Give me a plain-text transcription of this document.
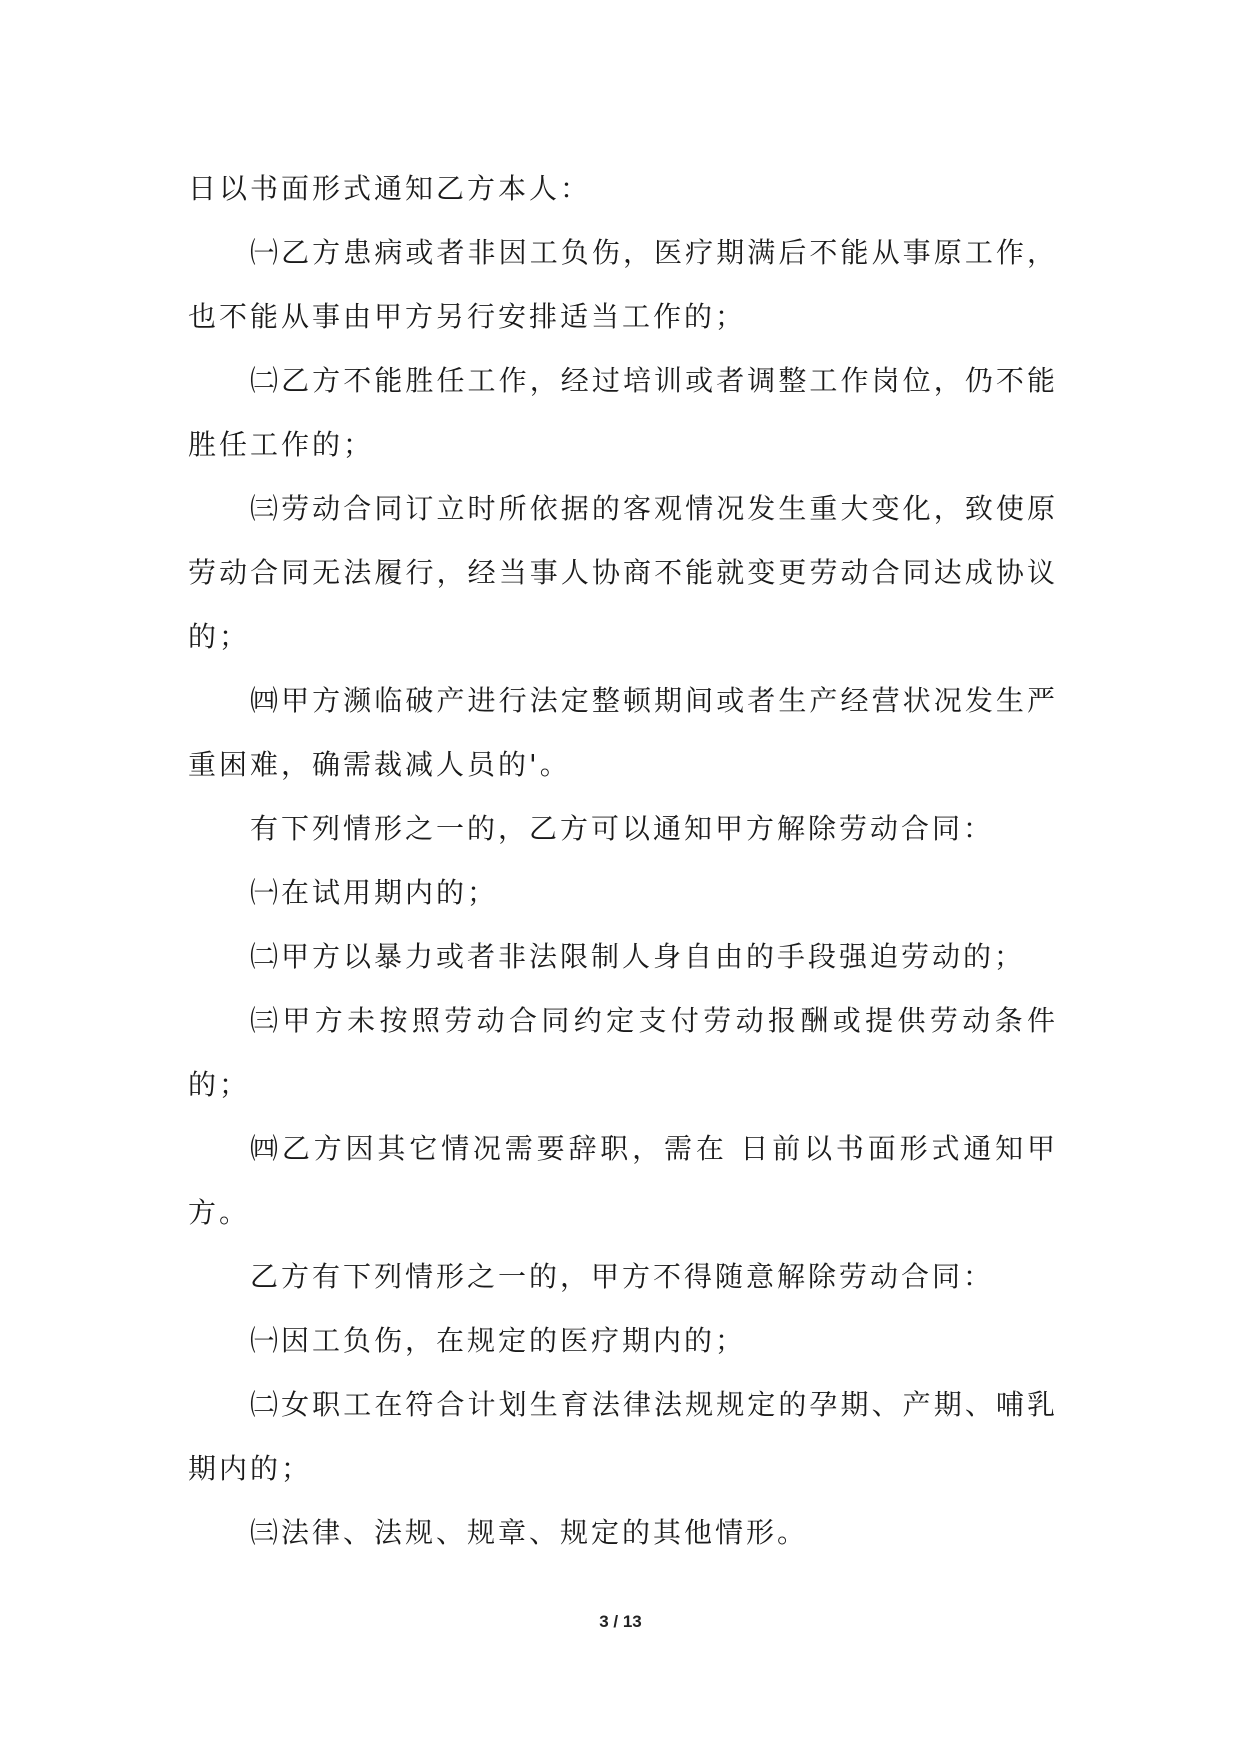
日以书面形式通知乙方本人：

㈠乙方患病或者非因工负伤，医疗期满后不能从事原工作，也不能从事由甲方另行安排适当工作的；

㈡乙方不能胜任工作，经过培训或者调整工作岗位，仍不能胜任工作的；

㈢劳动合同订立时所依据的客观情况发生重大变化，致使原劳动合同无法履行，经当事人协商不能就变更劳动合同达成协议的；

㈣甲方濒临破产进行法定整顿期间或者生产经营状况发生严重困难，确需裁减人员的'。

有下列情形之一的，乙方可以通知甲方解除劳动合同：

㈠在试用期内的；

㈡甲方以暴力或者非法限制人身自由的手段强迫劳动的；

㈢甲方未按照劳动合同约定支付劳动报酬或提供劳动条件的；

㈣乙方因其它情况需要辞职，需在 日前以书面形式通知甲方。

乙方有下列情形之一的，甲方不得随意解除劳动合同：

㈠因工负伤，在规定的医疗期内的；

㈡女职工在符合计划生育法律法规规定的孕期、产期、哺乳期内的；

㈢法律、法规、规章、规定的其他情形。

3 / 13
